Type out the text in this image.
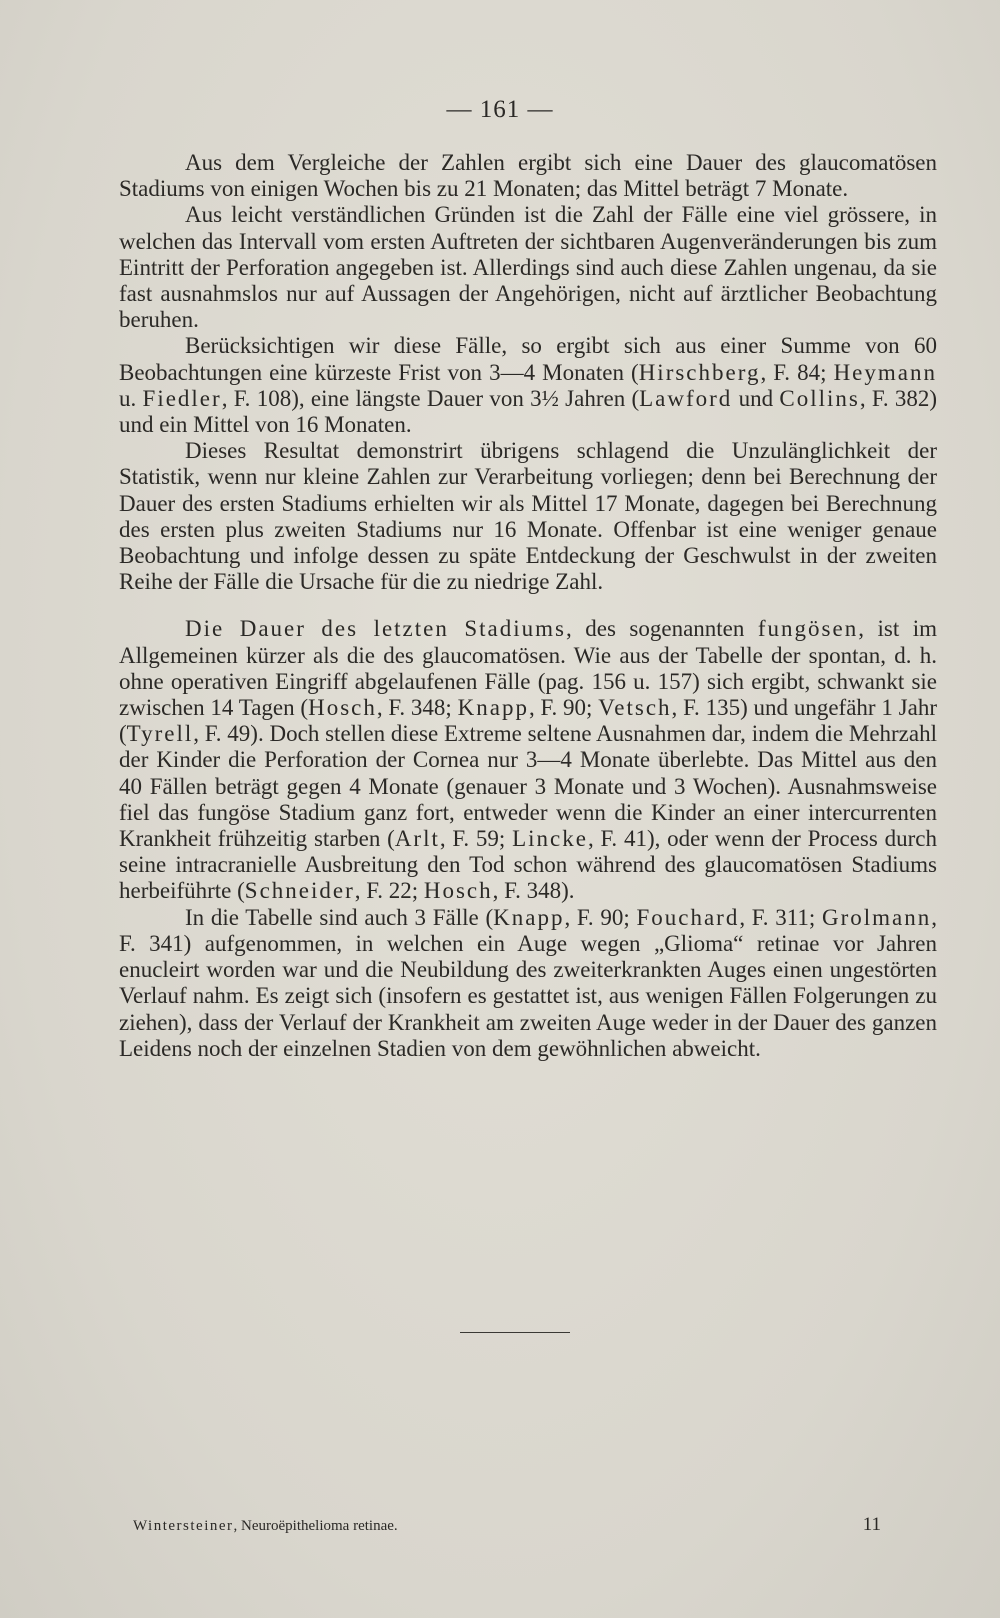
— 161 —

Aus dem Vergleiche der Zahlen ergibt sich eine Dauer des glaucomatösen Stadiums von einigen Wochen bis zu 21 Monaten; das Mittel beträgt 7 Monate.

Aus leicht verständlichen Gründen ist die Zahl der Fälle eine viel grössere, in welchen das Intervall vom ersten Auftreten der sichtbaren Augenveränderungen bis zum Eintritt der Perforation angegeben ist. Allerdings sind auch diese Zahlen ungenau, da sie fast ausnahmslos nur auf Aussagen der Angehörigen, nicht auf ärztlicher Beobachtung beruhen.

Berücksichtigen wir diese Fälle, so ergibt sich aus einer Summe von 60 Beobachtungen eine kürzeste Frist von 3—4 Monaten (Hirschberg, F. 84; Heymann u. Fiedler, F. 108), eine längste Dauer von 3½ Jahren (Lawford und Collins, F. 382) und ein Mittel von 16 Monaten.

Dieses Resultat demonstrirt übrigens schlagend die Unzulänglichkeit der Statistik, wenn nur kleine Zahlen zur Verarbeitung vorliegen; denn bei Berechnung der Dauer des ersten Stadiums erhielten wir als Mittel 17 Monate, dagegen bei Berechnung des ersten plus zweiten Stadiums nur 16 Monate. Offenbar ist eine weniger genaue Beobachtung und infolge dessen zu späte Entdeckung der Geschwulst in der zweiten Reihe der Fälle die Ursache für die zu niedrige Zahl.

Die Dauer des letzten Stadiums, des sogenannten fungösen, ist im Allgemeinen kürzer als die des glaucomatösen. Wie aus der Tabelle der spontan, d. h. ohne operativen Eingriff abgelaufenen Fälle (pag. 156 u. 157) sich ergibt, schwankt sie zwischen 14 Tagen (Hosch, F. 348; Knapp, F. 90; Vetsch, F. 135) und ungefähr 1 Jahr (Tyrell, F. 49). Doch stellen diese Extreme seltene Ausnahmen dar, indem die Mehrzahl der Kinder die Perforation der Cornea nur 3—4 Monate überlebte. Das Mittel aus den 40 Fällen beträgt gegen 4 Monate (genauer 3 Monate und 3 Wochen). Ausnahmsweise fiel das fungöse Stadium ganz fort, entweder wenn die Kinder an einer intercurrenten Krankheit frühzeitig starben (Arlt, F. 59; Lincke, F. 41), oder wenn der Process durch seine intracranielle Ausbreitung den Tod schon während des glaucomatösen Stadiums herbeiführte (Schneider, F. 22; Hosch, F. 348).

In die Tabelle sind auch 3 Fälle (Knapp, F. 90; Fouchard, F. 311; Grolmann, F. 341) aufgenommen, in welchen ein Auge wegen „Glioma“ retinae vor Jahren enucleirt worden war und die Neubildung des zweiterkrankten Auges einen ungestörten Verlauf nahm. Es zeigt sich (insofern es gestattet ist, aus wenigen Fällen Folgerungen zu ziehen), dass der Verlauf der Krankheit am zweiten Auge weder in der Dauer des ganzen Leidens noch der einzelnen Stadien von dem gewöhnlichen abweicht.

Wintersteiner, Neuroëpithelioma retinae.	11
